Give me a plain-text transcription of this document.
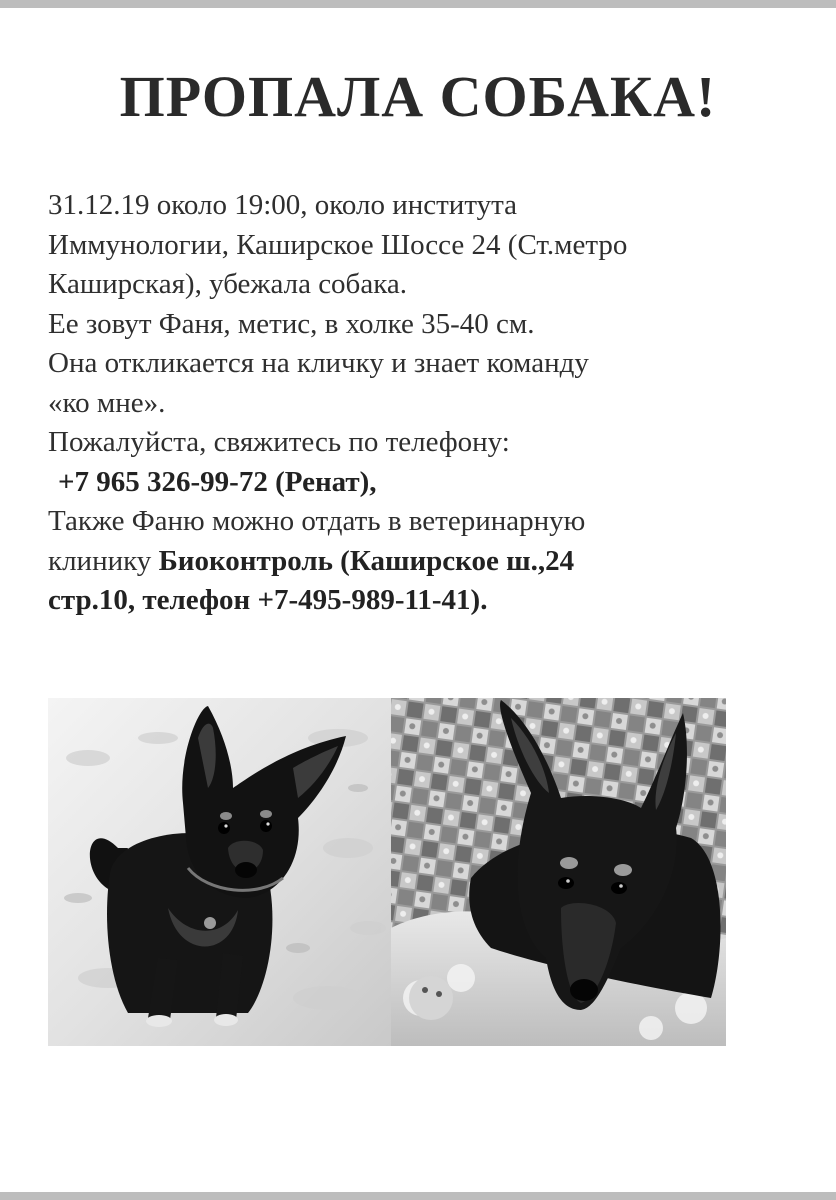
ПРОПАЛА СОБАКА!
31.12.19 около 19:00, около института
Иммунологии, Каширское Шоссе 24 (Ст.метро
Каширская), убежала собака.
Ее зовут Фаня, метис, в холке 35-40 см.
Она откликается на кличку и знает команду
«ко мне».
Пожалуйста, свяжитесь по телефону:
+7 965 326-99-72 (Ренат),
Также Фаню можно отдать в ветеринарную
клинику Биоконтроль (Каширское ш.,24
стр.10, телефон +7-495-989-11-41).
